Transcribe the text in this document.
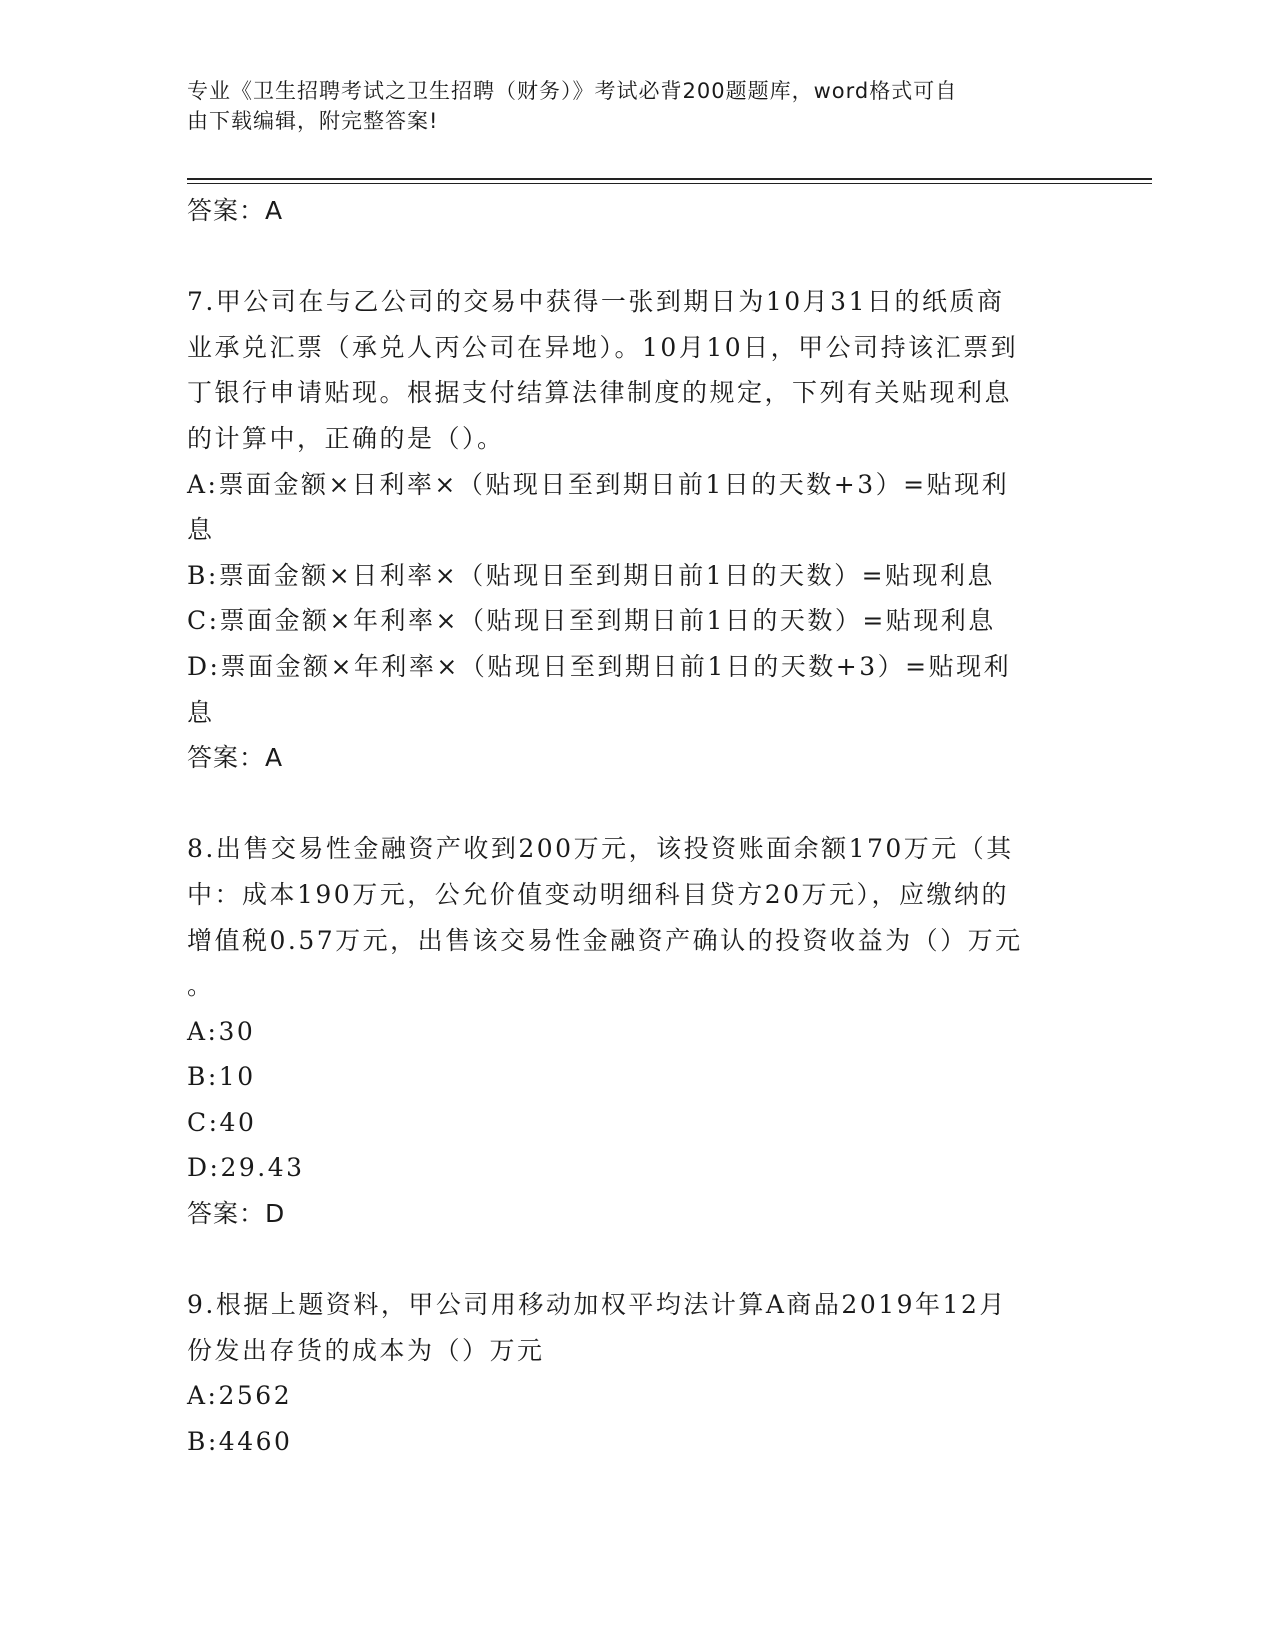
专业《卫生招聘考试之卫生招聘（财务）》考试必背200题题库，word格式可自
由下载编辑，附完整答案!
答案：A
7.甲公司在与乙公司的交易中获得一张到期日为10月31日的纸质商
业承兑汇票（承兑人丙公司在异地）。10月10日，甲公司持该汇票到
丁银行申请贴现。根据支付结算法律制度的规定，下列有关贴现利息
的计算中，正确的是（）。
A:票面金额×日利率×（贴现日至到期日前1日的天数+3）=贴现利
息
B:票面金额×日利率×（贴现日至到期日前1日的天数）=贴现利息
C:票面金额×年利率×（贴现日至到期日前1日的天数）=贴现利息
D:票面金额×年利率×（贴现日至到期日前1日的天数+3）=贴现利
息
答案：A
8.出售交易性金融资产收到200万元，该投资账面余额170万元（其
中：成本190万元，公允价值变动明细科目贷方20万元），应缴纳的
增值税0.57万元，出售该交易性金融资产确认的投资收益为（）万元
。
A:30
B:10
C:40
D:29.43
答案：D
9.根据上题资料，甲公司用移动加权平均法计算A商品2019年12月
份发出存货的成本为（）万元
A:2562
B:4460
